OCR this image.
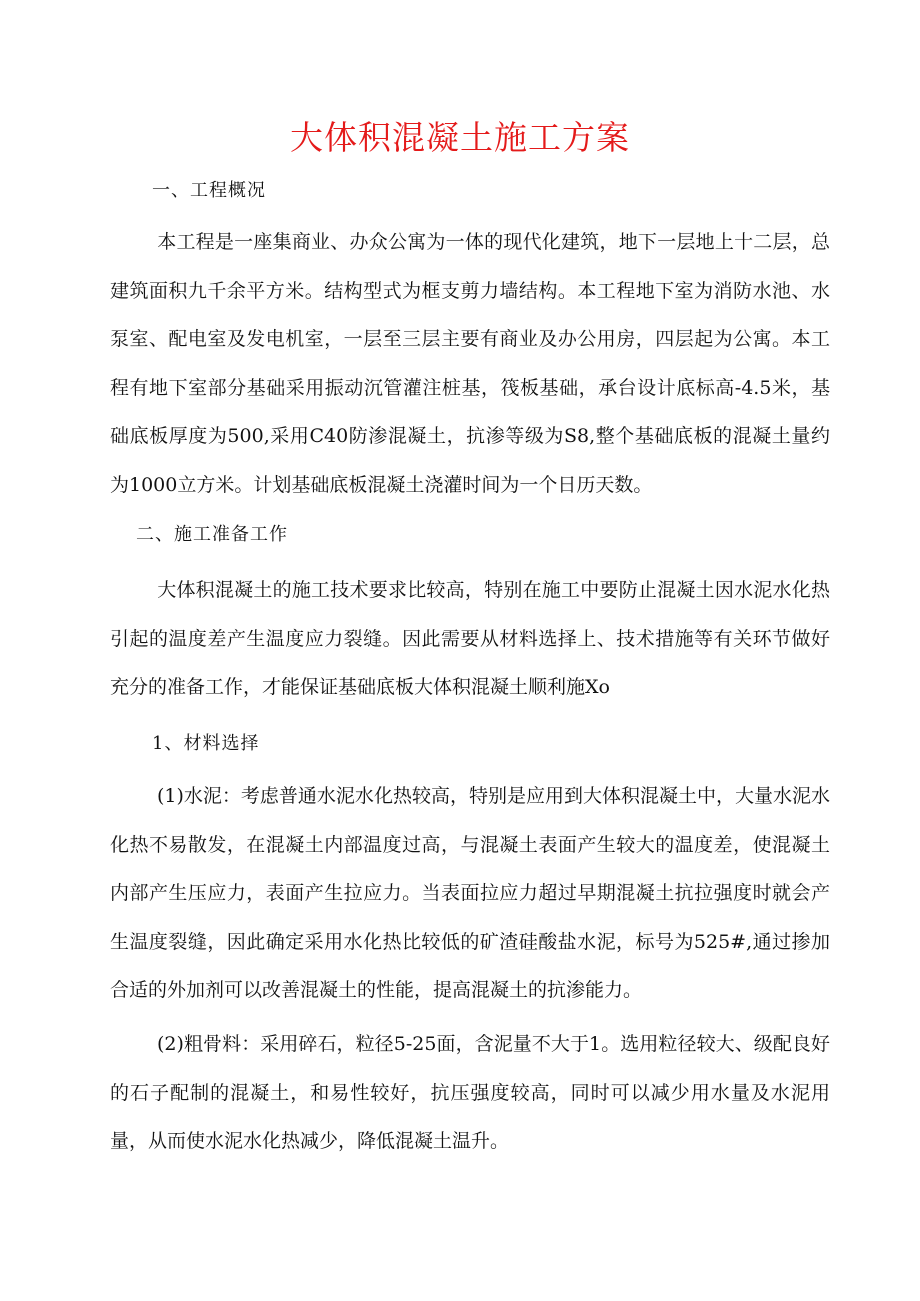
大体积混凝土施工方案
一、工程概况

本工程是一座集商业、办众公寓为一体的现代化建筑，地下一层地上十二层，总建筑面积九千余平方米。结构型式为框支剪力墙结构。本工程地下室为消防水池、水泵室、配电室及发电机室，一层至三层主要有商业及办公用房，四层起为公寓。本工程有地下室部分基础采用振动沉管灌注桩基，筏板基础，承台设计底标高-4.5米，基础底板厚度为500,采用C40防渗混凝土，抗渗等级为S8,整个基础底板的混凝土量约为1000立方米。计划基础底板混凝土浇灌时间为一个日历天数。

二、施工准备工作

大体积混凝土的施工技术要求比较高，特别在施工中要防止混凝土因水泥水化热引起的温度差产生温度应力裂缝。因此需要从材料选择上、技术措施等有关环节做好充分的准备工作，才能保证基础底板大体积混凝土顺利施Xo

1、材料选择

(1)水泥：考虑普通水泥水化热较高，特别是应用到大体积混凝土中，大量水泥水化热不易散发，在混凝土内部温度过高，与混凝土表面产生较大的温度差，使混凝土内部产生压应力，表面产生拉应力。当表面拉应力超过早期混凝土抗拉强度时就会产生温度裂缝，因此确定采用水化热比较低的矿渣硅酸盐水泥，标号为525#,通过掺加合适的外加剂可以改善混凝土的性能，提高混凝土的抗渗能力。

(2)粗骨料：采用碎石，粒径5-25面，含泥量不大于1。选用粒径较大、级配良好的石子配制的混凝土，和易性较好，抗压强度较高，同时可以减少用水量及水泥用量，从而使水泥水化热减少，降低混凝土温升。
